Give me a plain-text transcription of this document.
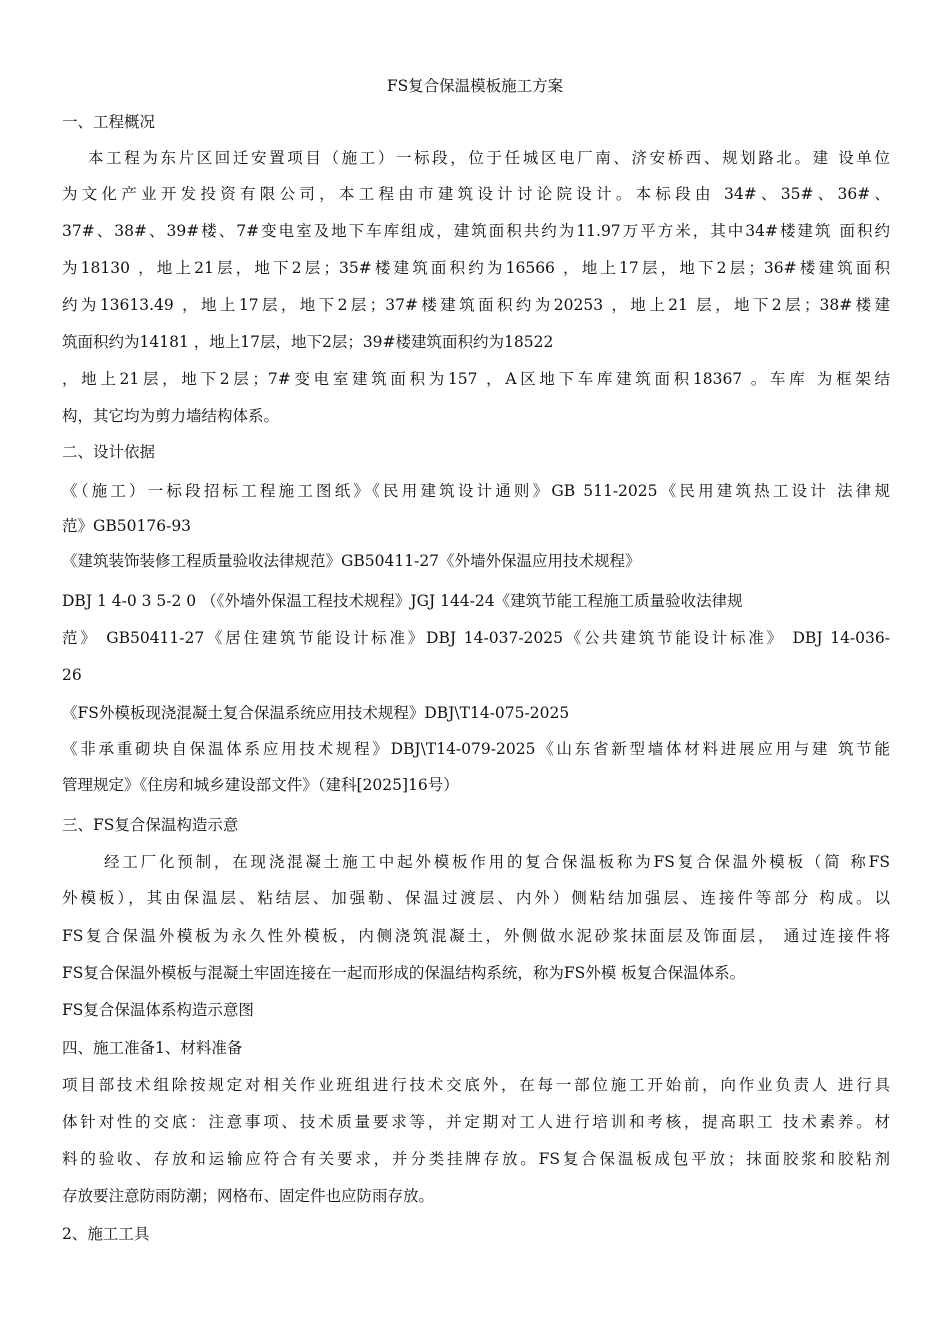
FS复合保温模板施工方案
一、工程概况
本工程为东片区回迁安置项目（施工）一标段，位于任城区电厂南、济安桥西、规划路北。建 设单位
为文化产业开发投资有限公司，本工程由市建筑设计讨论院设计。本标段由 34#、35#、36#、
37#、38#、39#楼、7#变电室及地下车库组成，建筑面积共约为11.97万平方米，其中34#楼建筑 面积约
为18130 ，地上21层，地下2层；35#楼建筑面积约为16566 ，地上17层，地下2层；36#楼建筑面积
约为13613.49 ，地上17层，地下2层；37#楼建筑面积约为20253 ，地上21 层，地下2层；38#楼建
筑面积约为14181 ，地上17层，地下2层；39#楼建筑面积约为18522
，地上21层，地下2层；7#变电室建筑面积为157 ，A区地下车库建筑面积18367 。车库 为框架结
构，其它均为剪力墙结构体系。
二、设计依据
《（施工）一标段招标工程施工图纸》《民用建筑设计通则》GB 511-2025《民用建筑热工设计 法律规
范》GB50176-93
《建筑装饰装修工程质量验收法律规范》GB50411-27《外墙外保温应用技术规程》
DBJ 1 4-0 3 5-2 0 （《外墙外保温工程技术规程》JGJ 144-24《建筑节能工程施工质量验收法律规
范》 GB50411-27《居住建筑节能设计标准》DBJ 14-037-2025《公共建筑节能设计标准》 DBJ 14-036-
26
《FS外模板现浇混凝土复合保温系统应用技术规程》DBJ\T14-075-2025
《非承重砌块自保温体系应用技术规程》DBJ\T14-079-2025《山东省新型墙体材料进展应用与建 筑节能
管理规定》《住房和城乡建设部文件》（建科[2025]16号）
三、FS复合保温构造示意
经工厂化预制，在现浇混凝土施工中起外模板作用的复合保温板称为FS复合保温外模板（简 称FS
外模板），其由保温层、粘结层、加强勒、保温过渡层、内外）侧粘结加强层、连接件等部分 构成。以
FS复合保温外模板为永久性外模板，内侧浇筑混凝土，外侧做水泥砂浆抹面层及饰面层， 通过连接件将
FS复合保温外模板与混凝土牢固连接在一起而形成的保温结构系统，称为FS外模 板复合保温体系。
FS复合保温体系构造示意图
四、施工准备1、材料准备
项目部技术组除按规定对相关作业班组进行技术交底外，在每一部位施工开始前，向作业负责人 进行具
体针对性的交底：注意事项、技术质量要求等，并定期对工人进行培训和考核，提高职工 技术素养。材
料的验收、存放和运输应符合有关要求，并分类挂牌存放。FS复合保温板成包平放；抹面胶浆和胶粘剂
存放要注意防雨防潮；网格布、固定件也应防雨存放。
2、施工工具
